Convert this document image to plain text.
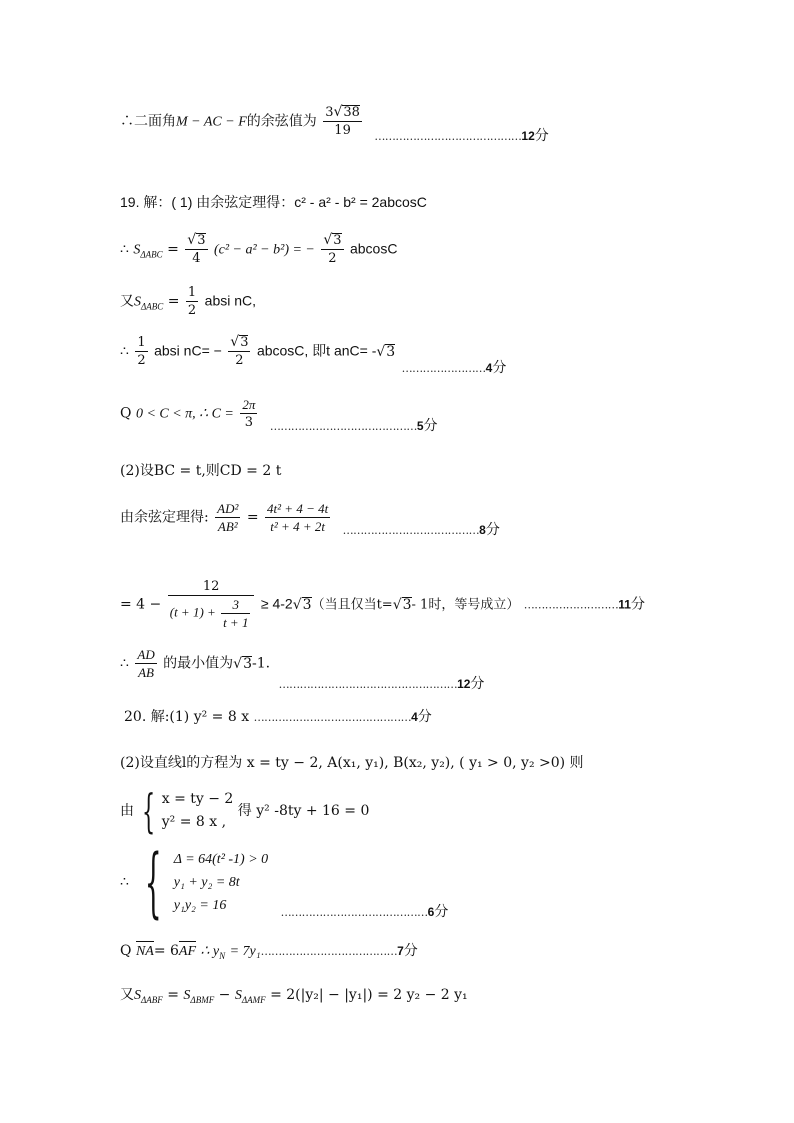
∴二面角M − AC − F的余弦值为 $\frac{3√38}{19}$ ……………………………………12分
19. 解：( 1) 由余弦定理得：c² - a² - b² = 2abcosC
∴ $S_{\Delta ABC} = \frac{√3}{4} (c^2 - a^2 - b^2)$ = − $\frac{√3}{2}$ abcosC
又$S_{\Delta ABC} = \frac{1}{2}$ absi nC,
∴ $\frac{1}{2}$ absi $nC= - \frac{√3}{2} abcosC$, 即t anC= -√3 ……………………4分
Q 0 < C < π, ∴ $C = \frac{2\pi}{3}$ ……………………………………5分
(2)设BC = t,则CD = 2 t
由余弦定理得: $\frac{\text{AD²}}{\text{AB²}} = \frac{\text{4t² + 4 − 4t}}{\text{t² + 4 + 2t}}$ …………………………………8分
= $4 - \frac{12}{(t + 1) + \frac{3}{t + 1}} \ge 4-2√3$（当且仅当t=√3- 1时，等号成立） ………………………11分
∴ $\frac{AD}{AB}$ 的最小值为√3-1. ……………………………………………12分
20. 解:(1) y² = 8 x ………………………………………4分
(2)设直线l的方程为 x = ty − 2, A(x₁, y₁), B(x₂, y₂), ( y₁ > 0, y₂ >0) 则
由 { x = ty − 2
y² = 8 x ,
得 y² -8ty + 16 = 0
∴ { Δ = 64(t² -1) > 0
y₁ + y₂ = 8t
y₁y₂ = 16	……………………………………6分
Q NA= 6AF ∴ $y_N$ = 7y₁…………………………………7分
又$S_{\Delta ABF} = S_{\Delta BMF} - S_{\Delta AMF} = 2(|y_2| - |y_1|) = 2$ y₂ − 2 y₁
